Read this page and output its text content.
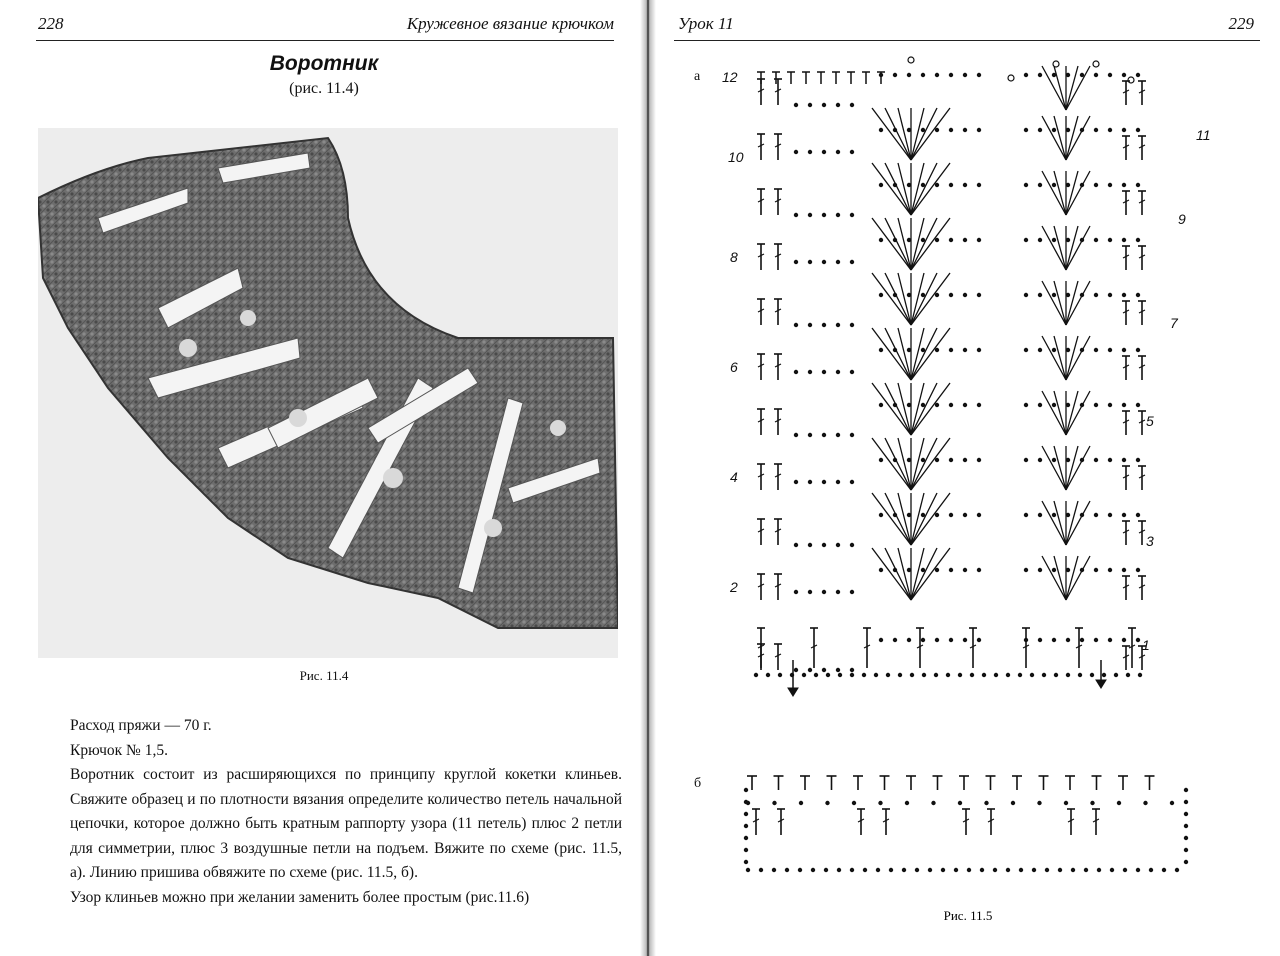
228	Кружевное вязание крючком
Воротник
(рис. 11.4)
Рис. 11.4

Расход пряжи — 70 г.

Крючок № 1,5.

Воротник состоит из расширяющихся по принципу круглой кокетки клиньев. Свяжите образец и по плотности вязания определите количество петель начальной цепочки, которое должно быть кратным раппорту узора (11 петель) плюс 2 петли для симметрии, плюс 3 воздушные петли на подъем. Вяжите по схеме (рис. 11.5, а). Линию пришива обвяжите по схеме (рис. 11.5, б).

Узор клиньев можно при желании заменить более простым (рис.11.6)

Урок 11	229
а
б
12
10
8
6
4
2
11
9
7
5
3
1
Рис. 11.5
